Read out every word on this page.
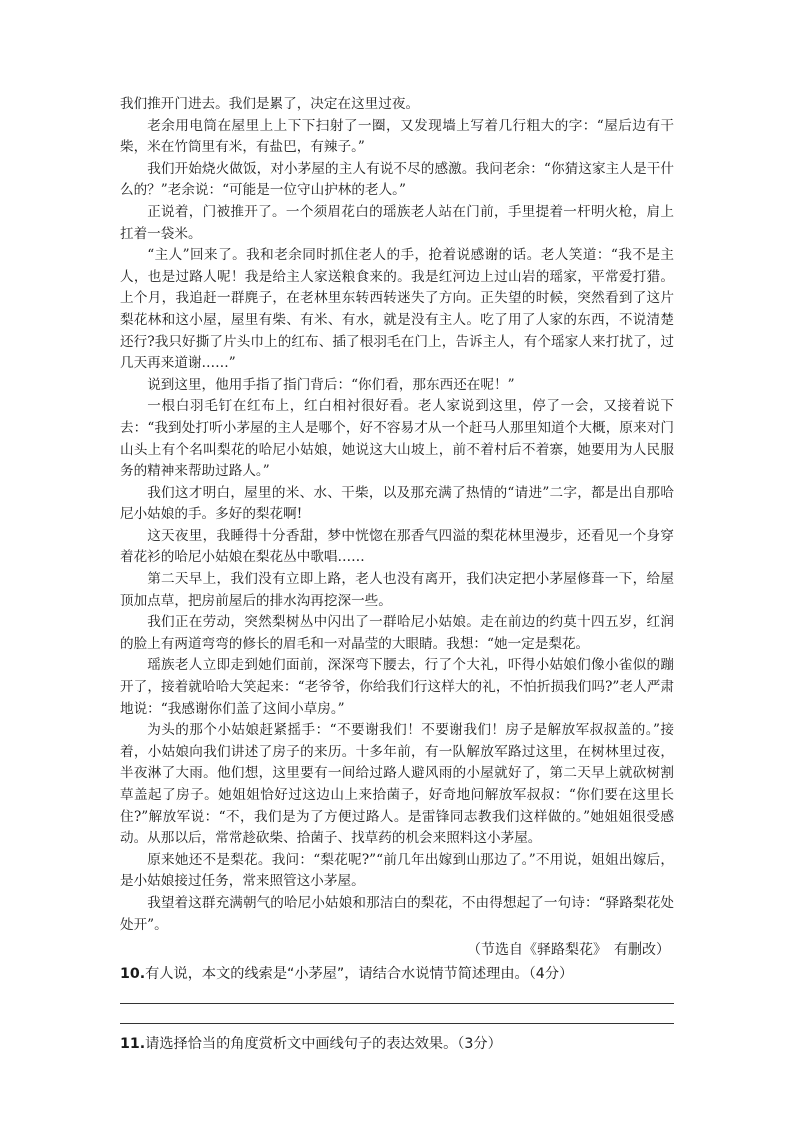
我们推开门进去。我们是累了，决定在这里过夜。

老余用电筒在屋里上上下下扫射了一圈，又发现墙上写着几行粗大的字：“屋后边有干柴，米在竹筒里有米，有盐巴，有辣子。”

我们开始烧火做饭，对小茅屋的主人有说不尽的感激。我问老余：“你猜这家主人是干什么的？”老余说：“可能是一位守山护林的老人。”

正说着，门被推开了。一个须眉花白的瑶族老人站在门前，手里提着一杆明火枪，肩上扛着一袋米。

“主人”回来了。我和老余同时抓住老人的手，抢着说感谢的话。老人笑道：“我不是主人，也是过路人呢！我是给主人家送粮食来的。我是红河边上过山岩的瑶家，平常爱打猎。上个月，我追赶一群麂子，在老林里东转西转迷失了方向。正失望的时候，突然看到了这片梨花林和这小屋，屋里有柴、有米、有水，就是没有主人。吃了用了人家的东西，不说清楚还行?我只好撕了片头巾上的红布、插了根羽毛在门上，告诉主人，有个瑶家人来打扰了，过几天再来道谢……”

说到这里，他用手指了指门背后：“你们看，那东西还在呢！”

一根白羽毛钉在红布上，红白相衬很好看。老人家说到这里，停了一会，又接着说下去：“我到处打听小茅屋的主人是哪个，好不容易才从一个赶马人那里知道个大概，原来对门山头上有个名叫梨花的哈尼小姑娘，她说这大山坡上，前不着村后不着寨，她要用为人民服务的精神来帮助过路人。”

我们这才明白，屋里的米、水、干柴，以及那充满了热情的“请进”二字，都是出自那哈尼小姑娘的手。多好的梨花啊!

这天夜里，我睡得十分香甜，梦中恍惚在那香气四溢的梨花林里漫步，还看见一个身穿着花衫的哈尼小姑娘在梨花丛中歌唱……

第二天早上，我们没有立即上路，老人也没有离开，我们决定把小茅屋修葺一下，给屋顶加点草，把房前屋后的排水沟再挖深一些。

我们正在劳动，突然梨树丛中闪出了一群哈尼小姑娘。走在前边的约莫十四五岁，红润的脸上有两道弯弯的修长的眉毛和一对晶莹的大眼睛。我想：“她一定是梨花。

瑶族老人立即走到她们面前，深深弯下腰去，行了个大礼，吓得小姑娘们像小雀似的蹦开了，接着就哈哈大笑起来：“老爷爷，你给我们行这样大的礼，不怕折损我们吗?”老人严肃地说：“我感谢你们盖了这间小草房。”

为头的那个小姑娘赶紧摇手：“不要谢我们！不要谢我们！房子是解放军叔叔盖的。”接着，小姑娘向我们讲述了房子的来历。十多年前，有一队解放军路过这里，在树林里过夜，半夜淋了大雨。他们想，这里要有一间给过路人避风雨的小屋就好了，第二天早上就砍树割草盖起了房子。她姐姐恰好过这边山上来拾菌子，好奇地问解放军叔叔：“你们要在这里长住?”解放军说：“不，我们是为了方便过路人。是雷锋同志教我们这样做的。”她姐姐很受感动。从那以后，常常趁砍柴、拾菌子、找草药的机会来照料这小茅屋。

原来她还不是梨花。我问：“梨花呢?”“前几年出嫁到山那边了。”不用说，姐姐出嫁后，是小姑娘接过任务，常来照管这小茅屋。

我望着这群充满朝气的哈尼小姑娘和那洁白的梨花，不由得想起了一句诗：“驿路梨花处处开”。

（节选自《驿路梨花》　有删改）

10.有人说，本文的线索是“小茅屋”，请结合水说情节简述理由。（4分）

11.请选择恰当的角度赏析文中画线句子的表达效果。（3分）
